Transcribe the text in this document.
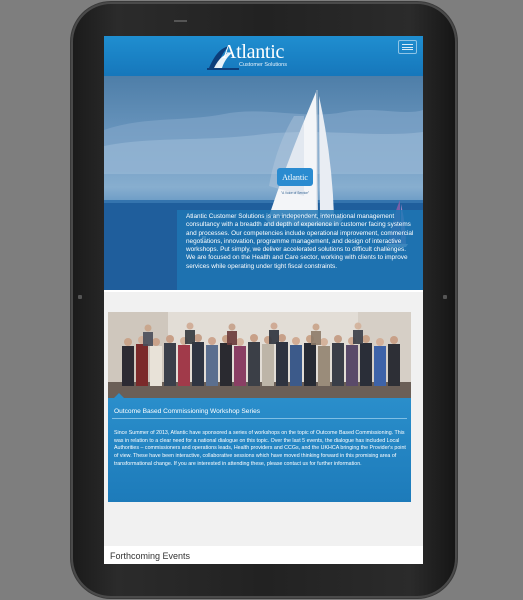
Atlantic
Customer Solutions
Atlantic
"A Voice of Service"
Atlantic Customer Solutions is an independent, international management consultancy with a breadth and depth of experience in customer facing systems and processes. Our competencies include operational improvement, commercial negotiations, innovation, programme management, and design of interactive workshops. Put simply, we deliver accelerated solutions to difficult challenges. We are focused on the Health and Care sector, working with clients to improve services while operating under tight fiscal constraints.
Outcome Based Commissioning Workshop Series
Since Summer of 2013, Atlantic have sponsored a series of workshops on the topic of Outcome Based Commissioning. This was in relation to a clear need for a national dialogue on this topic. Over the last 5 events, the dialogue has included Local Authorities – commissioners and operations leads, Health providers and CCGs, and the UKHCA bringing the Provider's point of view. These have been interactive, collaborative sessions which have moved thinking forward in this promising area of transformational change. If you are interested in attending these, please contact us for further information.
Forthcoming Events
